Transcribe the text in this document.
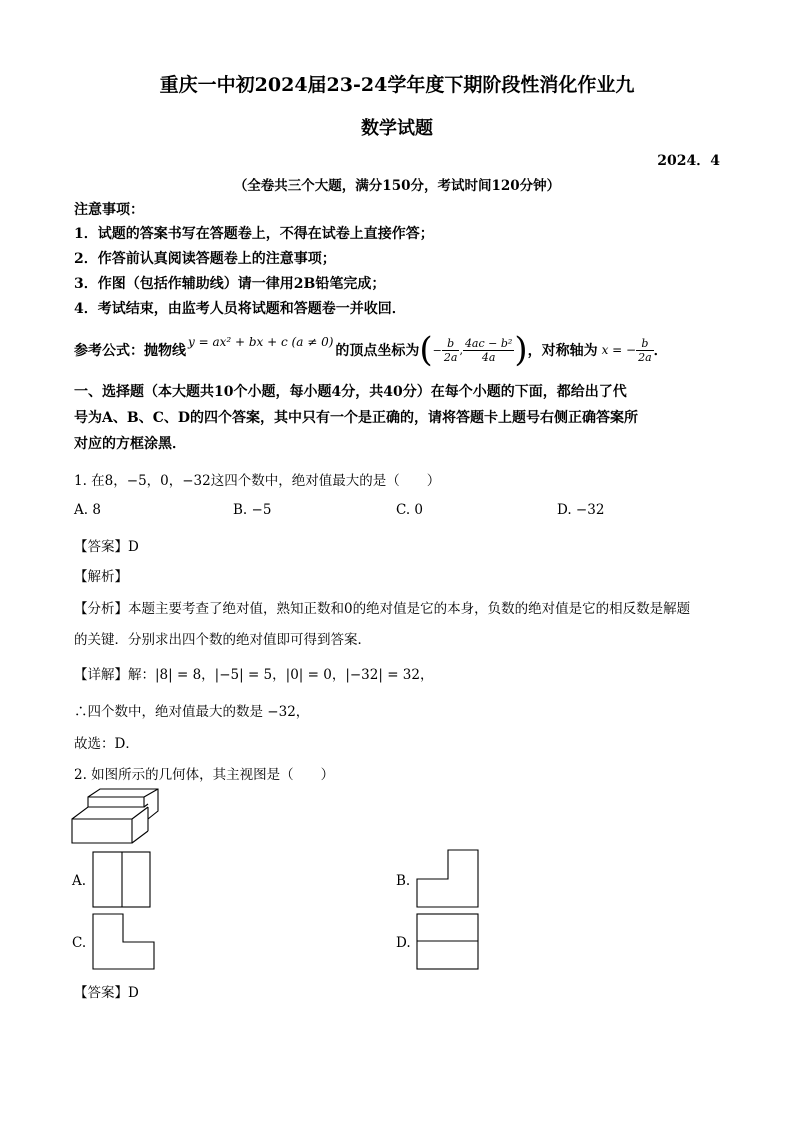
重庆一中初2024届23-24学年度下期阶段性消化作业九
数学试题
2024．4
（全卷共三个大题，满分150分，考试时间120分钟）
注意事项：
1．试题的答案书写在答题卷上，不得在试卷上直接作答；
2．作答前认真阅读答题卷上的注意事项；
3．作图（包括作辅助线）请一律用2B铅笔完成；
4．考试结束，由监考人员将试题和答题卷一并收回．
参考公式：抛物线
y = ax² + bx + c (a ≠ 0)
的顶点坐标为 ( − $\frac{b}{2a}$ , $\frac{\text{4ac − b²}}{4a}$ ) ，对称轴为 x = − $\frac{b}{2a}$ ．
一、选择题（本大题共10个小题，每小题4分，共40分）在每个小题的下面，都给出了代
号为A、B、C、D的四个答案，其中只有一个是正确的，请将答题卡上题号右侧正确答案所
对应的方框涂黑．
1. 在8，−5，0，−32这四个数中，绝对值最大的是（　　）
A. 8	B. −5	C. 0	D. −32
【答案】D
【解析】
【分析】本题主要考查了绝对值，熟知正数和0的绝对值是它的本身，负数的绝对值是它的相反数是解题
的关键．分别求出四个数的绝对值即可得到答案．
【详解】解：|8| = 8，|−5| = 5，|0| = 0，|−32| = 32，
∴四个数中，绝对值最大的数是 −32，
故选：D．
2. 如图所示的几何体，其主视图是（　　）
A.	B.
C.	D.
【答案】D
